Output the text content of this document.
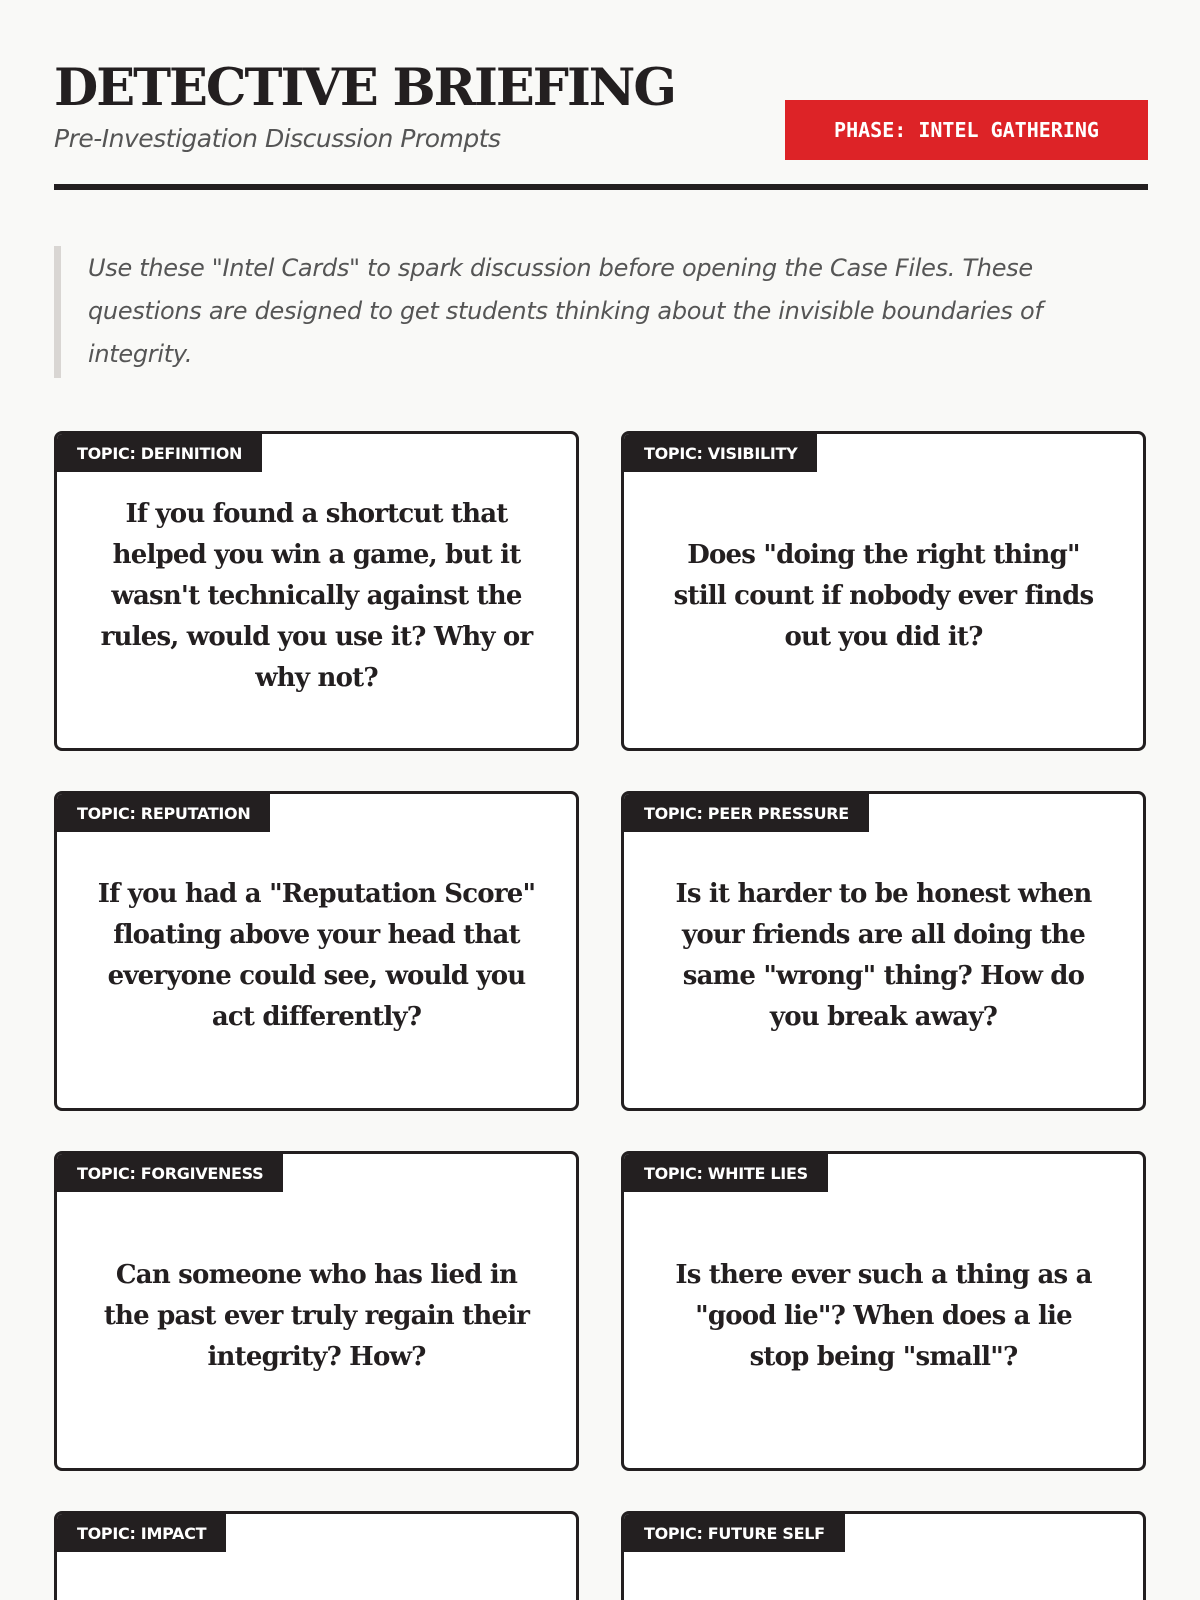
DETECTIVE BRIEFING
Pre-Investigation Discussion Prompts	PHASE: INTEL GATHERING
Use these "Intel Cards" to spark discussion before opening the Case Files. These questions are designed to get students thinking about the invisible boundaries of integrity.
TOPIC: DEFINITION
If you found a shortcut that helped you win a game, but it wasn't technically against the rules, would you use it? Why or why not?
TOPIC: VISIBILITY
Does "doing the right thing" still count if nobody ever finds out you did it?
TOPIC: REPUTATION
If you had a "Reputation Score" floating above your head that everyone could see, would you act differently?
TOPIC: PEER PRESSURE
Is it harder to be honest when your friends are all doing the same "wrong" thing? How do you break away?
TOPIC: FORGIVENESS
Can someone who has lied in the past ever truly regain their integrity? How?
TOPIC: WHITE LIES
Is there ever such a thing as a "good lie"? When does a lie stop being "small"?
TOPIC: IMPACT	TOPIC: FUTURE SELF
